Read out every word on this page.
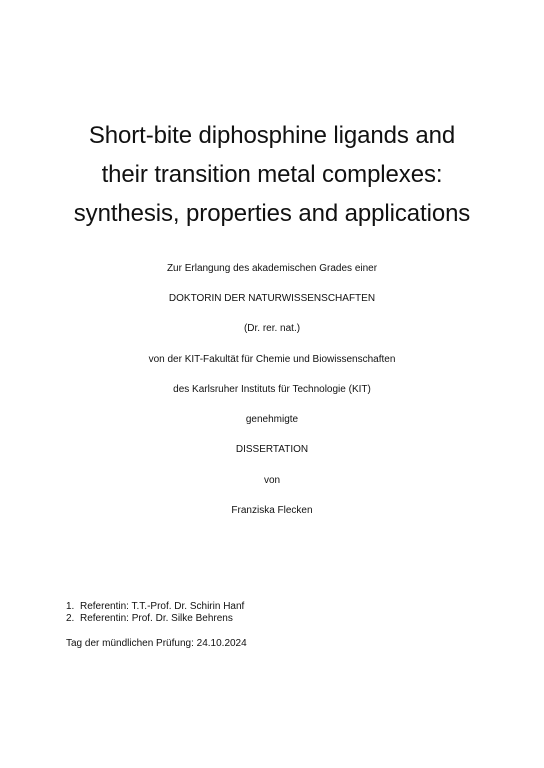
Short-bite diphosphine ligands and
their transition metal complexes:
synthesis, properties and applications
Zur Erlangung des akademischen Grades einer
DOKTORIN DER NATURWISSENSCHAFTEN
(Dr. rer. nat.)
von der KIT-Fakultät für Chemie und Biowissenschaften
des Karlsruher Instituts für Technologie (KIT)
genehmigte
DISSERTATION
von
Franziska Flecken
1. Referentin: T.T.-Prof. Dr. Schirin Hanf
2. Referentin: Prof. Dr. Silke Behrens
Tag der mündlichen Prüfung: 24.10.2024
